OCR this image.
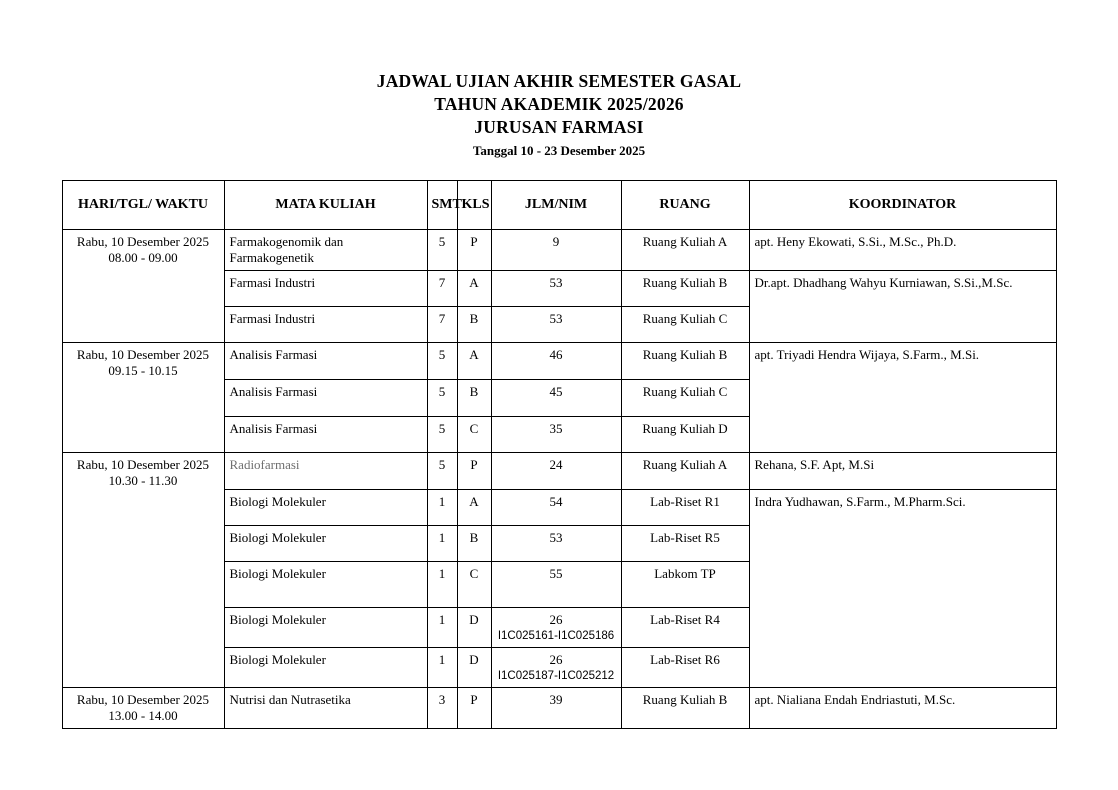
JADWAL UJIAN AKHIR SEMESTER GASAL
TAHUN AKADEMIK 2025/2026
JURUSAN FARMASI
Tanggal 10 - 23 Desember 2025
HARI/TGL/ WAKTU	MATA KULIAH	SMT	KLS	JLM/NIM	RUANG	KOORDINATOR

Rabu, 10 Desember 2025
08.00 - 09.00	Farmakogenomik dan Farmakogenetik	5	P	9	Ruang Kuliah A	apt. Heny Ekowati, S.Si., M.Sc., Ph.D.
	Farmasi Industri	7	A	53	Ruang Kuliah B	Dr.apt. Dhadhang Wahyu Kurniawan, S.Si.,M.Sc.
	Farmasi Industri	7	B	53	Ruang Kuliah C	

Rabu, 10 Desember 2025
09.15 - 10.15	Analisis Farmasi	5	A	46	Ruang Kuliah B	apt. Triyadi Hendra Wijaya, S.Farm., M.Si.
	Analisis Farmasi	5	B	45	Ruang Kuliah C	
	Analisis Farmasi	5	C	35	Ruang Kuliah D	

Rabu, 10 Desember 2025
10.30 - 11.30	Radiofarmasi	5	P	24	Ruang Kuliah A	Rehana, S.F. Apt, M.Si
	Biologi Molekuler	1	A	54	Lab-Riset R1	Indra Yudhawan, S.Farm., M.Pharm.Sci.
	Biologi Molekuler	1	B	53	Lab-Riset R5	
	Biologi Molekuler	1	C	55	Labkom TP	
	Biologi Molekuler	1	D	26
I1C025161-I1C025186	Lab-Riset R4	
	Biologi Molekuler	1	D	26
I1C025187-I1C025212	Lab-Riset R6	

Rabu, 10 Desember 2025
13.00 - 14.00	Nutrisi dan Nutrasetika	3	P	39	Ruang Kuliah B	apt. Nialiana Endah Endriastuti, M.Sc.
